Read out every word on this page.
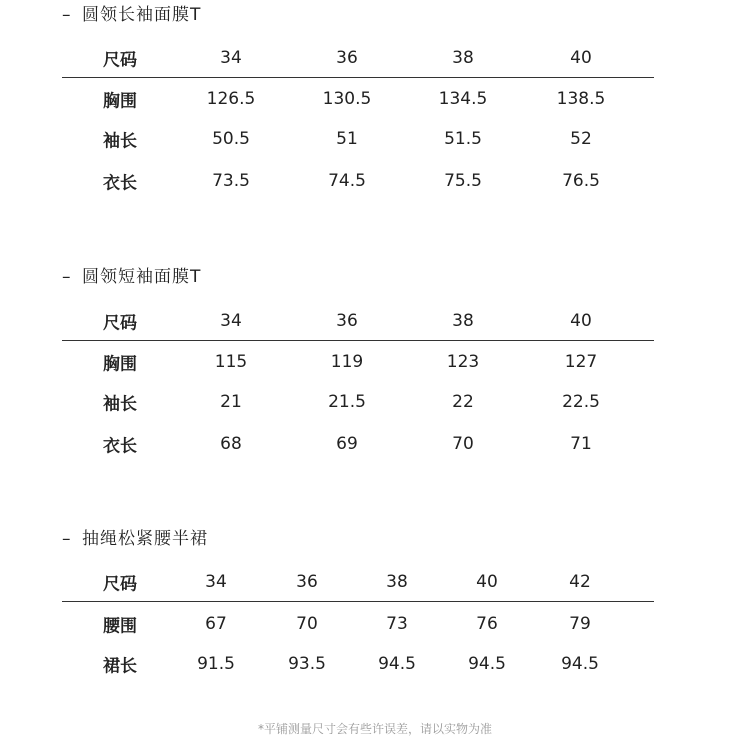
– 圆领长袖面膜T
尺码	34	36	38	40
胸围	126.5	130.5	134.5	138.5
袖长	50.5	51	51.5	52
衣长	73.5	74.5	75.5	76.5
– 圆领短袖面膜T
尺码	34	36	38	40
胸围	115	119	123	127
袖长	21	21.5	22	22.5
衣长	68	69	70	71
– 抽绳松紧腰半裙
尺码	34	36	38	40	42
腰围	67	70	73	76	79
裙长	91.5	93.5	94.5	94.5	94.5
*平铺测量尺寸会有些许误差，请以实物为准
